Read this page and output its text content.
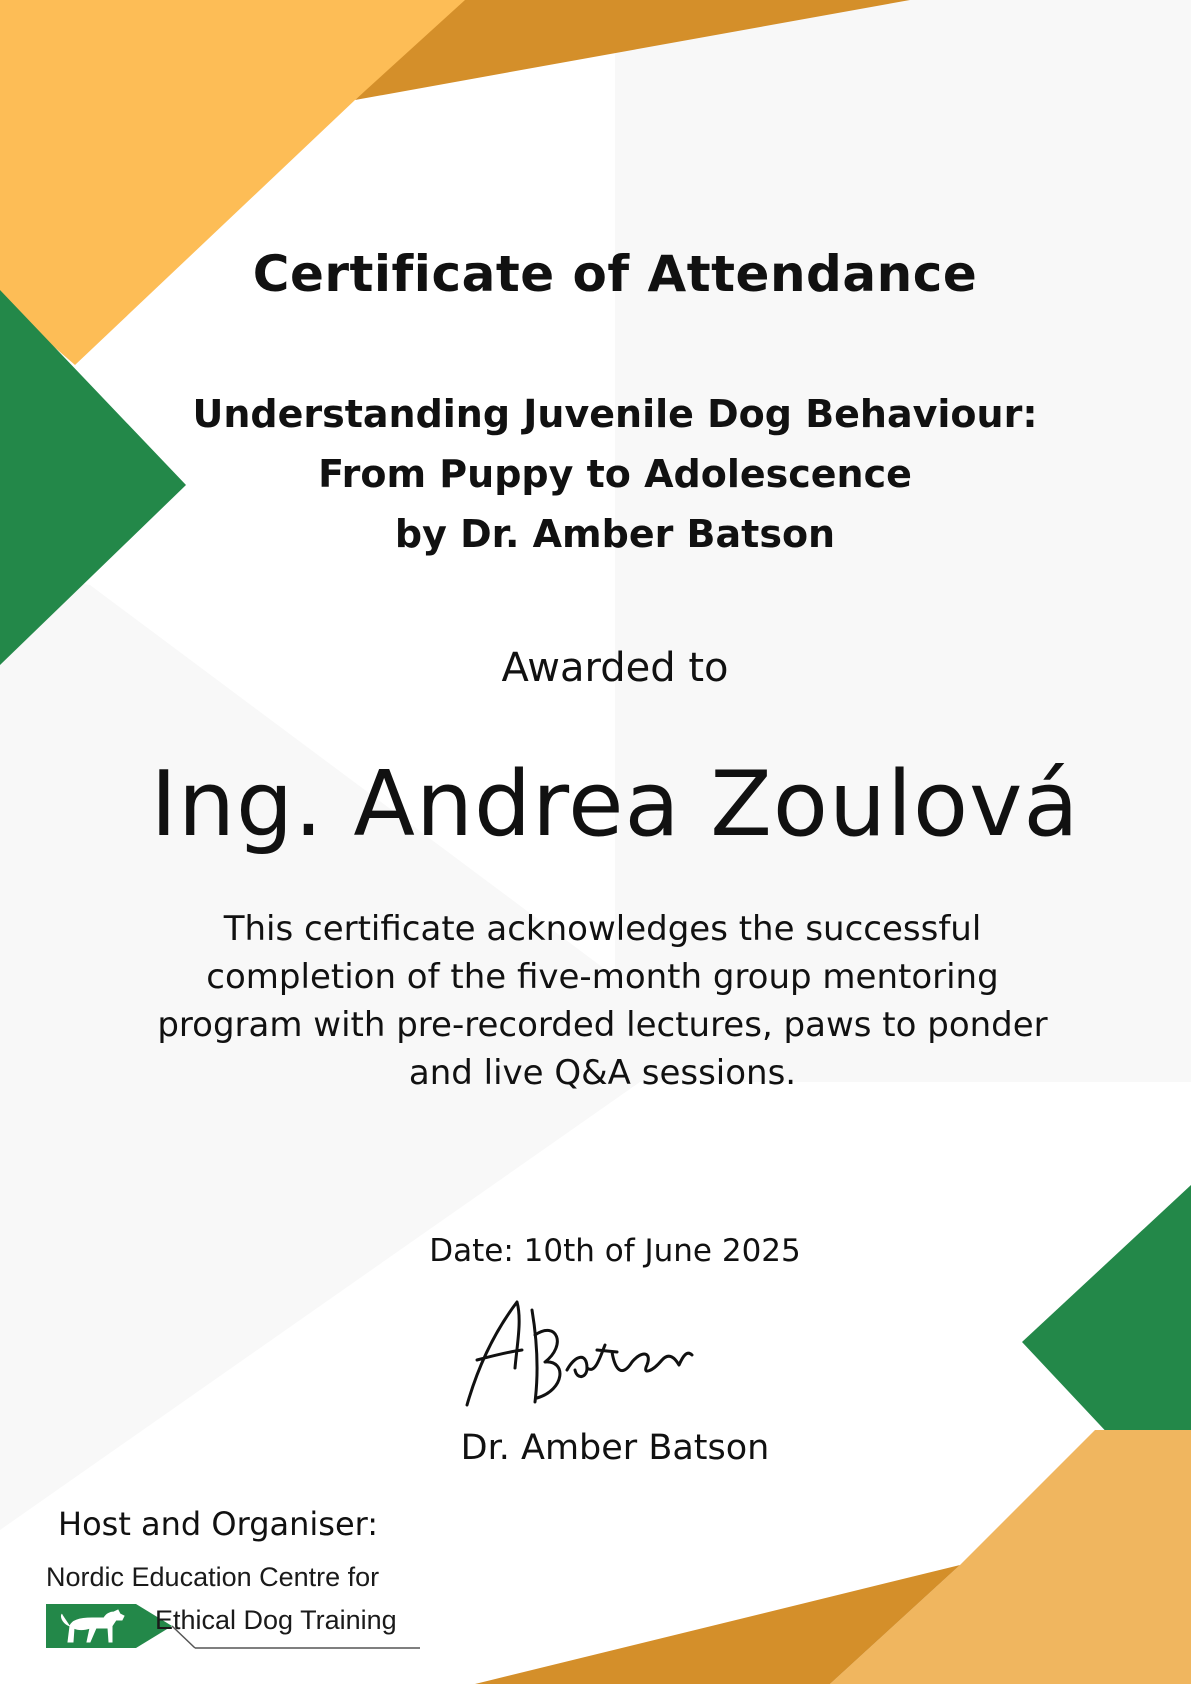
Certificate of Attendance
Understanding Juvenile Dog Behaviour:
From Puppy to Adolescence
by Dr. Amber Batson
Awarded to
Ing. Andrea Zoulová
This certificate acknowledges the successful completion of the five-month group mentoring program with pre-recorded lectures, paws to ponder and live Q&A sessions.
Date: 10th of June 2025
Dr. Amber Batson
Host and Organiser:
Nordic Education Centre for
Ethical Dog Training
